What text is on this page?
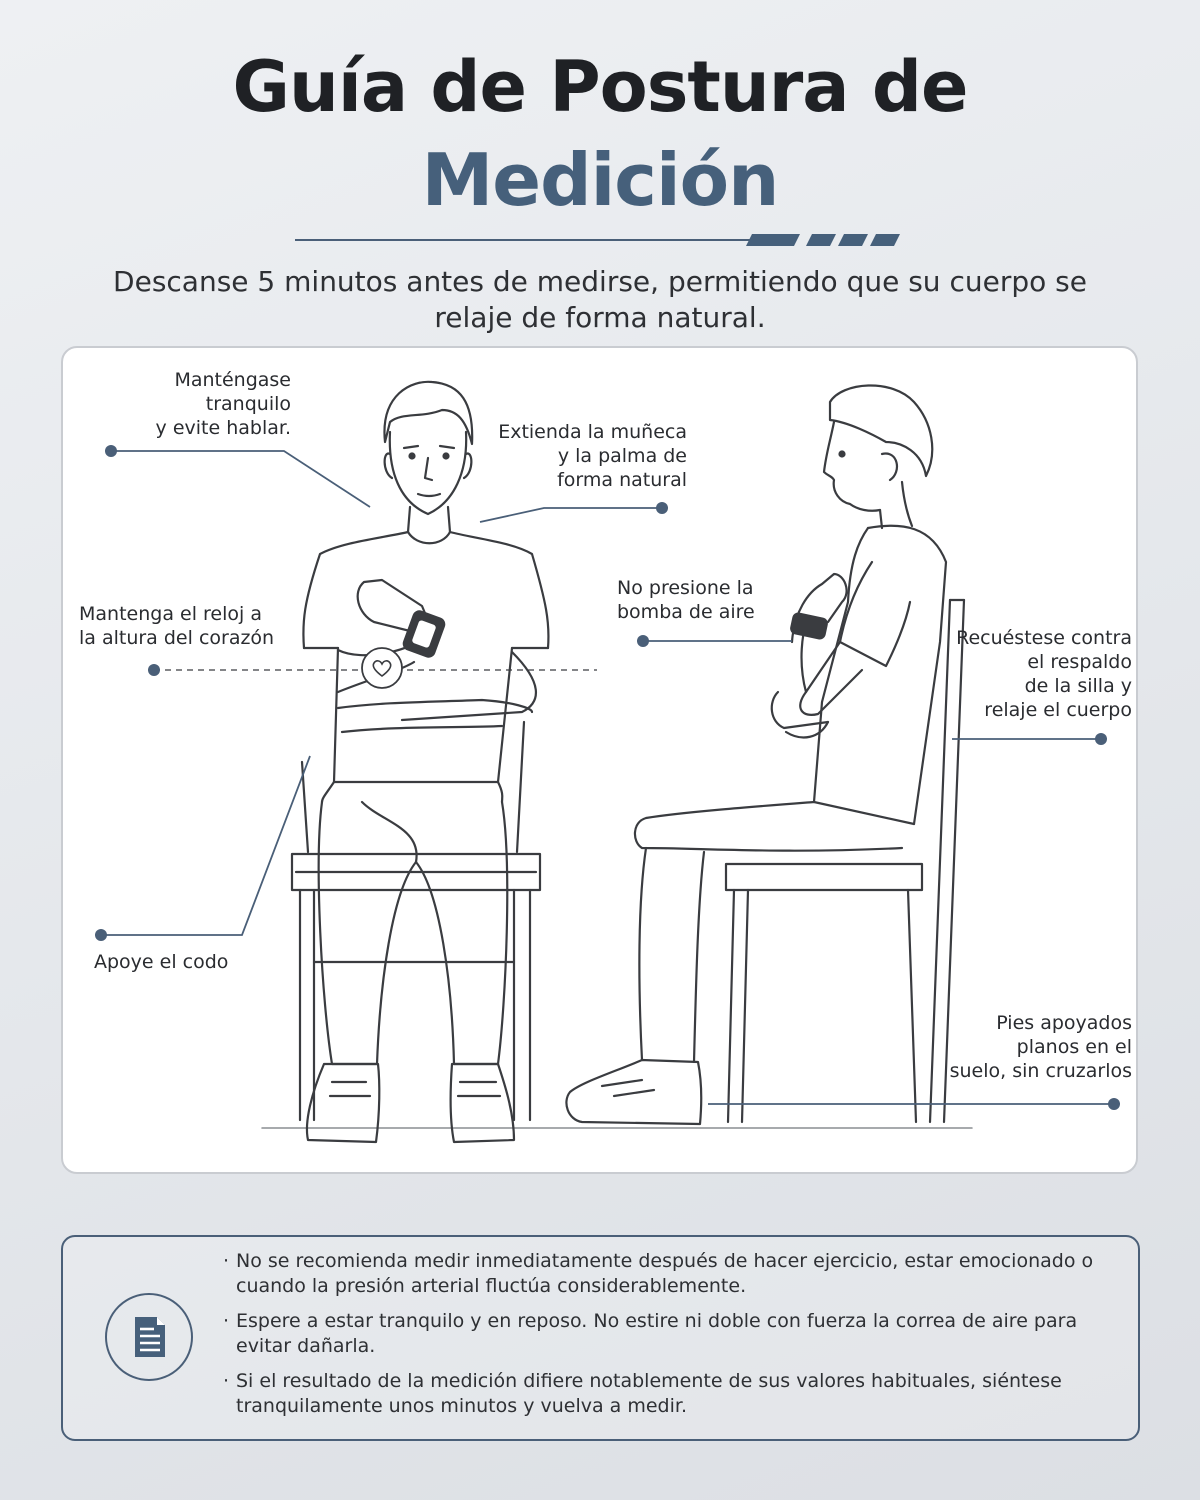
Guía de Postura de
Medición

Descanse 5 minutos antes de medirse, permitiendo que su cuerpo se relaje de forma natural.

Manténgase
tranquilo
y evite hablar.	Extienda la muñeca
y la palma de
forma natural
Mantenga el reloj a
la altura del corazón
Apoye el codo
No presione la
bomba de aire
Recuéstese contra
el respaldo
de la silla y
relaje el cuerpo
Pies apoyados
planos en el
suelo, sin cruzarlos
· No se recomienda medir inmediatamente después de hacer ejercicio, estar emocionado o cuando la presión arterial fluctúa considerablemente.
· Espere a estar tranquilo y en reposo. No estire ni doble con fuerza la correa de aire para evitar dañarla.
· Si el resultado de la medición difiere notablemente de sus valores habituales, siéntese tranquilamente unos minutos y vuelva a medir.
